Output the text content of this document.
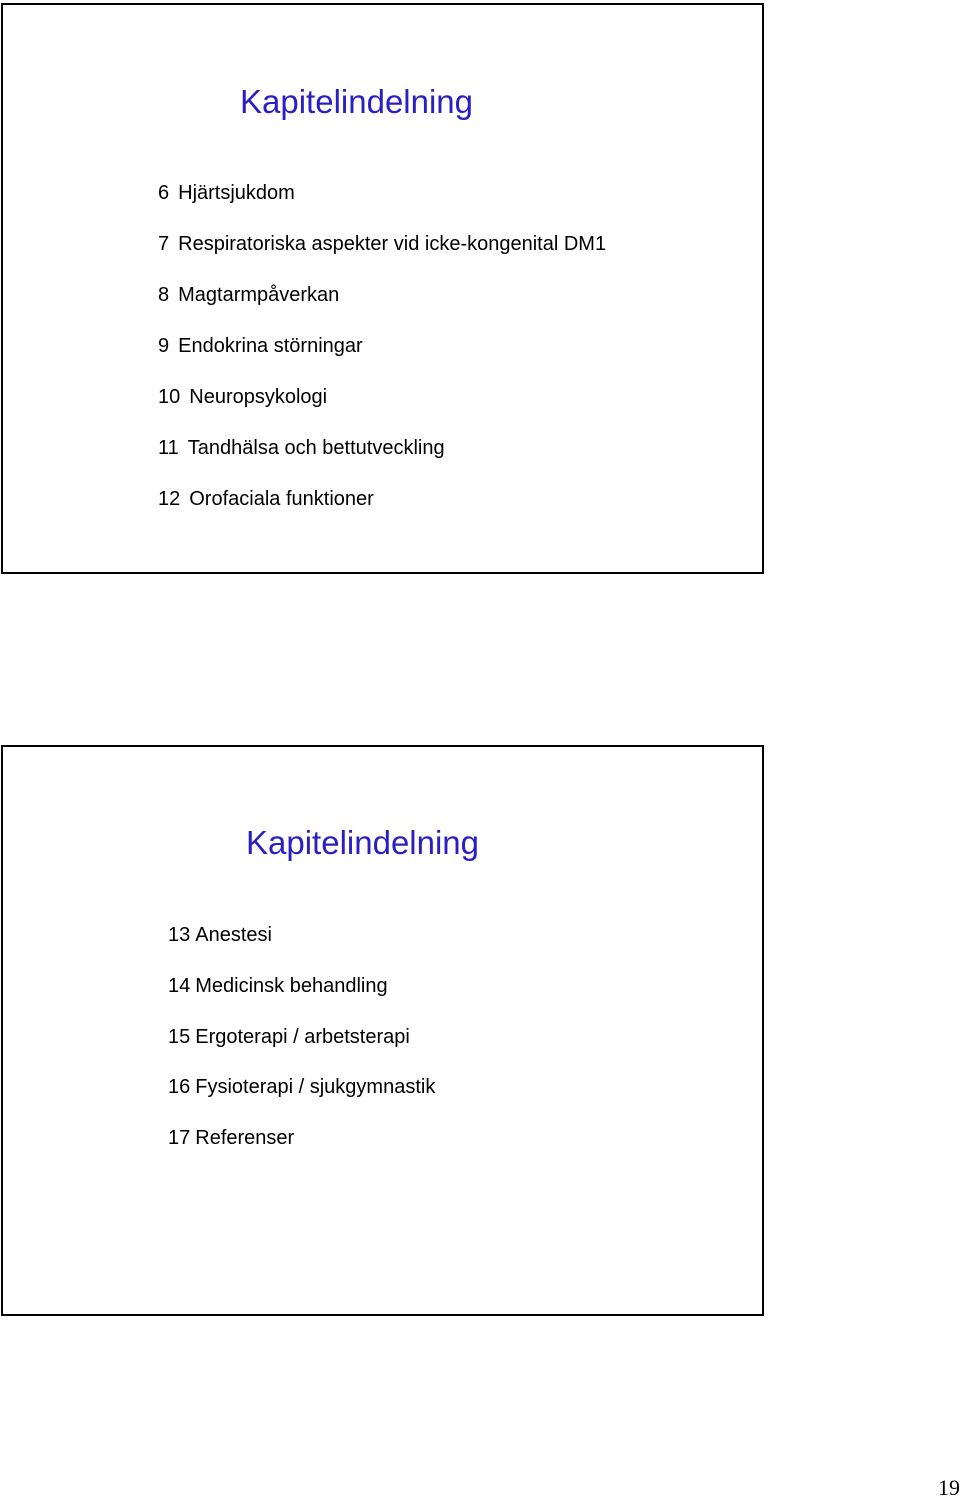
Kapitelindelning
6 Hjärtsjukdom
7 Respiratoriska aspekter vid icke-kongenital DM1
8 Magtarmpåverkan
9 Endokrina störningar
10 Neuropsykologi
11 Tandhälsa och bettutveckling
12 Orofaciala funktioner
Kapitelindelning
13 Anestesi
14 Medicinsk behandling
15 Ergoterapi / arbetsterapi
16 Fysioterapi / sjukgymnastik
17 Referenser
19
